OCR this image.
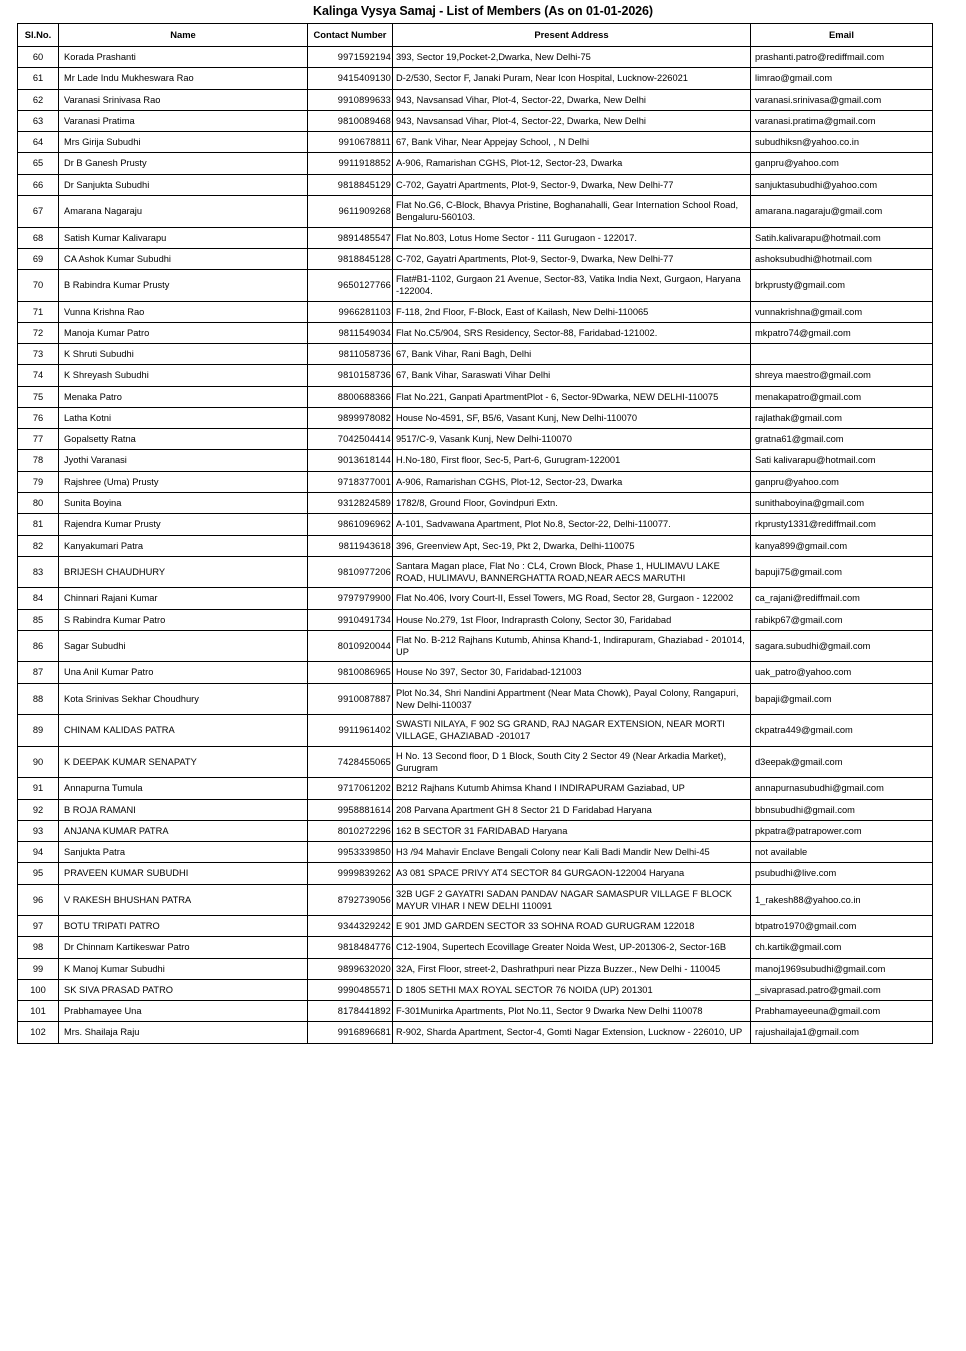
Kalinga Vysya Samaj - List of Members (As on 01-01-2026)
Sl.No.	Name	Contact Number	Present Address	Email
60	Korada Prashanti	9971592194	393, Sector 19,Pocket-2,Dwarka, New Delhi-75	prashanti.patro@rediffmail.com
61	Mr Lade Indu Mukheswara Rao	9415409130	D-2/530, Sector F, Janaki Puram, Near Icon Hospital, Lucknow-226021	limrao@gmail.com
62	Varanasi Srinivasa Rao	9910899633	943, Navsansad Vihar, Plot-4, Sector-22, Dwarka, New Delhi	varanasi.srinivasa@gmail.com
63	Varanasi Pratima	9810089468	943, Navsansad Vihar, Plot-4, Sector-22, Dwarka, New Delhi	varanasi.pratima@gmail.com
64	Mrs Girija Subudhi	9910678811	67, Bank Vihar, Near Appejay School, , N Delhi	subudhiksn@yahoo.co.in
65	Dr B Ganesh Prusty	9911918852	A-906, Ramarishan CGHS, Plot-12, Sector-23, Dwarka	ganpru@yahoo.com
66	Dr Sanjukta Subudhi	9818845129	C-702, Gayatri Apartments, Plot-9, Sector-9, Dwarka, New Delhi-77	sanjuktasubudhi@yahoo.com
67	Amarana Nagaraju	9611909268	Flat No.G6, C-Block, Bhavya Pristine, Boghanahalli, Gear Internation School Road, Bengaluru-560103.	amarana.nagaraju@gmail.com
68	Satish Kumar Kalivarapu	9891485547	Flat No.803, Lotus Home Sector - 111 Gurugaon - 122017.	Satih.kalivarapu@hotmail.com
69	CA Ashok Kumar Subudhi	9818845128	C-702, Gayatri Apartments, Plot-9, Sector-9, Dwarka, New Delhi-77	ashoksubudhi@hotmail.com
70	B Rabindra Kumar Prusty	9650127766	Flat#B1-1102, Gurgaon 21 Avenue, Sector-83, Vatika India Next, Gurgaon, Haryana -122004.	brkprusty@gmail.com
71	Vunna Krishna Rao	9966281103	F-118, 2nd Floor, F-Block, East of Kailash, New Delhi-110065	vunnakrishna@gmail.com
72	Manoja Kumar Patro	9811549034	Flat No.C5/904, SRS Residency, Sector-88, Faridabad-121002.	mkpatro74@gmail.com
73	K Shruti Subudhi	9811058736	67, Bank Vihar, Rani Bagh, Delhi	
74	K Shreyash Subudhi	9810158736	67, Bank Vihar, Saraswati Vihar Delhi	shreya maestro@gmail.com
75	Menaka Patro	8800688366	Flat No.221, Ganpati ApartmentPlot - 6, Sector-9Dwarka, NEW DELHI-110075	menakapatro@gmail.com
76	Latha Kotni	9899978082	House No-4591, SF, B5/6, Vasant Kunj, New Delhi-110070	rajlathak@gmail.com
77	Gopalsetty Ratna	7042504414	9517/C-9, Vasank Kunj, New Delhi-110070	gratna61@gmail.com
78	Jyothi Varanasi	9013618144	H.No-180, First floor, Sec-5, Part-6, Gurugram-122001	Sati kalivarapu@hotmail.com
79	Rajshree (Uma) Prusty	9718377001	A-906, Ramarishan CGHS, Plot-12, Sector-23, Dwarka	ganpru@yahoo.com
80	Sunita Boyina	9312824589	1782/8, Ground Floor, Govindpuri Extn.	sunithaboyina@gmail.com
81	Rajendra Kumar Prusty	9861096962	A-101, Sadvawana Apartment, Plot No.8, Sector-22, Delhi-110077.	rkprusty1331@rediffmail.com
82	Kanyakumari Patra	9811943618	396, Greenview Apt, Sec-19, Pkt 2, Dwarka, Delhi-110075	kanya899@gmail.com
83	BRIJESH CHAUDHURY	9810977206	Santara Magan place, Flat No : CL4, Crown Block, Phase 1, HULIMAVU LAKE ROAD, HULIMAVU, BANNERGHATTA ROAD,NEAR AECS MARUTHI	bapuji75@gmail.com
84	Chinnari Rajani Kumar	9797979900	Flat No.406, Ivory Court-II, Essel Towers, MG Road, Sector 28, Gurgaon - 122002	ca_rajani@rediffmail.com
85	S Rabindra Kumar Patro	9910491734	House No.279, 1st Floor, Indraprasth Colony, Sector 30, Faridabad	rabikp67@gmail.com
86	Sagar Subudhi	8010920044	Flat No. B-212 Rajhans Kutumb, Ahinsa Khand-1, Indirapuram, Ghaziabad - 201014, UP	sagara.subudhi@gmail.com
87	Una Anil Kumar Patro	9810086965	House No 397, Sector 30, Faridabad-121003	uak_patro@yahoo.com
88	Kota Srinivas Sekhar Choudhury	9910087887	Plot No.34, Shri Nandini Appartment (Near Mata Chowk), Payal Colony, Rangapuri, New Delhi-110037	bapaji@gmail.com
89	CHINAM KALIDAS PATRA	9911961402	SWASTI NILAYA, F 902 SG GRAND, RAJ NAGAR EXTENSION, NEAR MORTI VILLAGE, GHAZIABAD -201017	ckpatra449@gmail.com
90	K DEEPAK KUMAR SENAPATY	7428455065	H No. 13 Second floor, D 1 Block, South City 2 Sector 49 (Near Arkadia Market), Gurugram	d3eepak@gmail.com
91	Annapurna Tumula	9717061202	B212 Rajhans Kutumb Ahimsa Khand I INDIRAPURAM Gaziabad, UP	annapurnasubudhi@gmail.com
92	B ROJA RAMANI	9958881614	208 Parvana Apartment GH 8 Sector 21 D Faridabad Haryana	bbnsubudhi@gmail.com
93	ANJANA KUMAR PATRA	8010272296	162 B SECTOR 31 FARIDABAD Haryana	pkpatra@patrapower.com
94	Sanjukta Patra	9953339850	H3 /94 Mahavir Enclave Bengali Colony near Kali Badi Mandir New Delhi-45	not available
95	PRAVEEN KUMAR SUBUDHI	9999839262	A3 081 SPACE PRIVY AT4 SECTOR 84 GURGAON-122004 Haryana	psubudhi@live.com
96	V RAKESH BHUSHAN PATRA	8792739056	32B UGF 2 GAYATRI SADAN PANDAV NAGAR SAMASPUR VILLAGE F BLOCK MAYUR VIHAR I NEW DELHI 110091	1_rakesh88@yahoo.co.in
97	BOTU TRIPATI PATRO	9344329242	E 901 JMD GARDEN SECTOR 33 SOHNA ROAD GURUGRAM 122018	btpatro1970@gmail.com
98	Dr Chinnam Kartikeswar Patro	9818484776	C12-1904, Supertech Ecovillage Greater Noida West, UP-201306-2, Sector-16B	ch.kartik@gmail.com
99	K Manoj Kumar Subudhi	9899632020	32A, First Floor, street-2, Dashrathpuri near Pizza Buzzer., New Delhi - 110045	manoj1969subudhi@gmail.com
100	SK SIVA PRASAD PATRO	9990485571	D 1805 SETHI MAX ROYAL SECTOR 76 NOIDA (UP) 201301	_sivaprasad.patro@gmail.com
101	Prabhamayee Una	8178441892	F-301Munirka Apartments, Plot No.11, Sector 9 Dwarka New Delhi 110078	Prabhamayeeuna@gmail.com
102	Mrs. Shailaja Raju	9916896681	R-902, Sharda Apartment, Sector-4, Gomti Nagar Extension, Lucknow - 226010, UP	rajushailaja1@gmail.com
